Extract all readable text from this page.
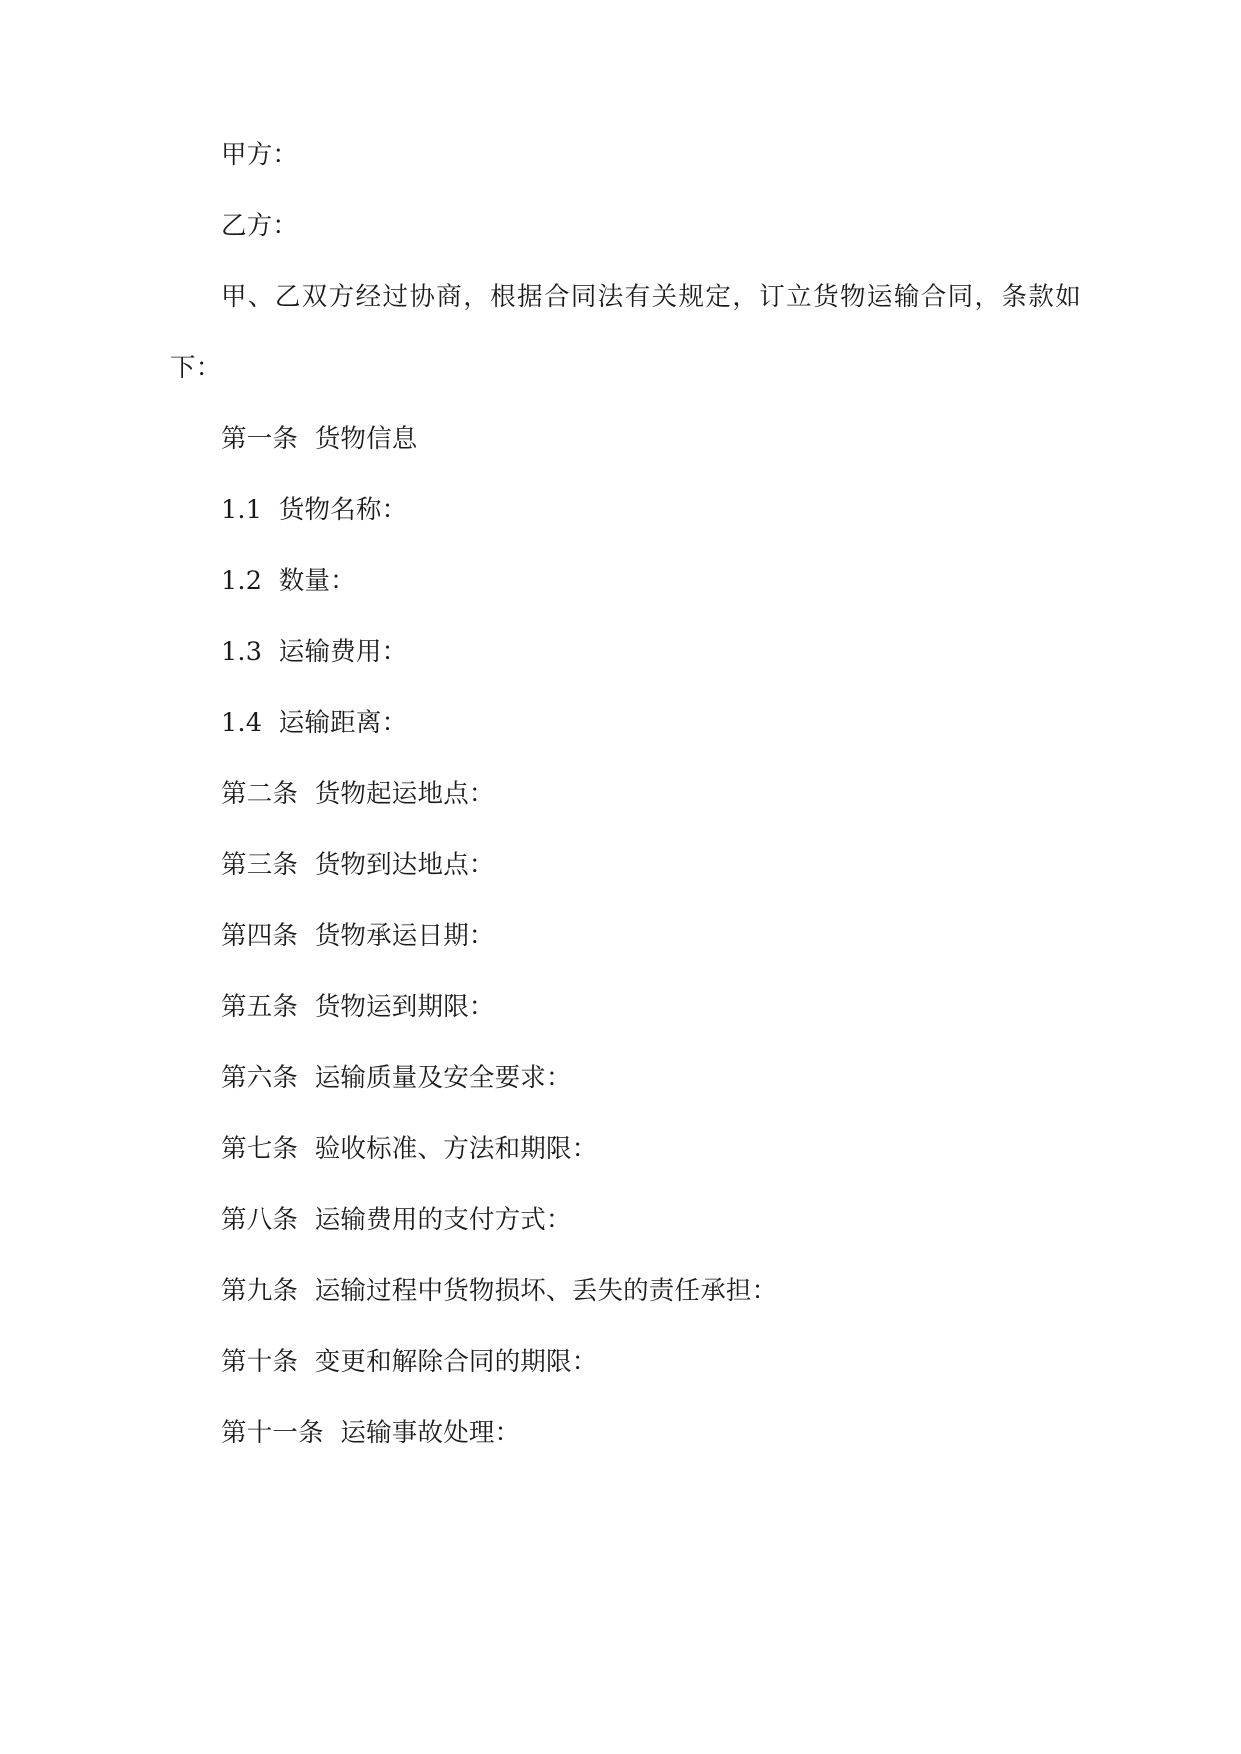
甲方：

乙方：

甲、乙双方经过协商，根据合同法有关规定，订立货物运输合同，条款如下：

第一条  货物信息

1.1  货物名称：

1.2  数量：

1.3  运输费用：

1.4  运输距离：

第二条  货物起运地点：

第三条  货物到达地点：

第四条  货物承运日期：

第五条  货物运到期限：

第六条  运输质量及安全要求：

第七条  验收标准、方法和期限：

第八条  运输费用的支付方式：

第九条  运输过程中货物损坏、丢失的责任承担：

第十条  变更和解除合同的期限：

第十一条  运输事故处理：
